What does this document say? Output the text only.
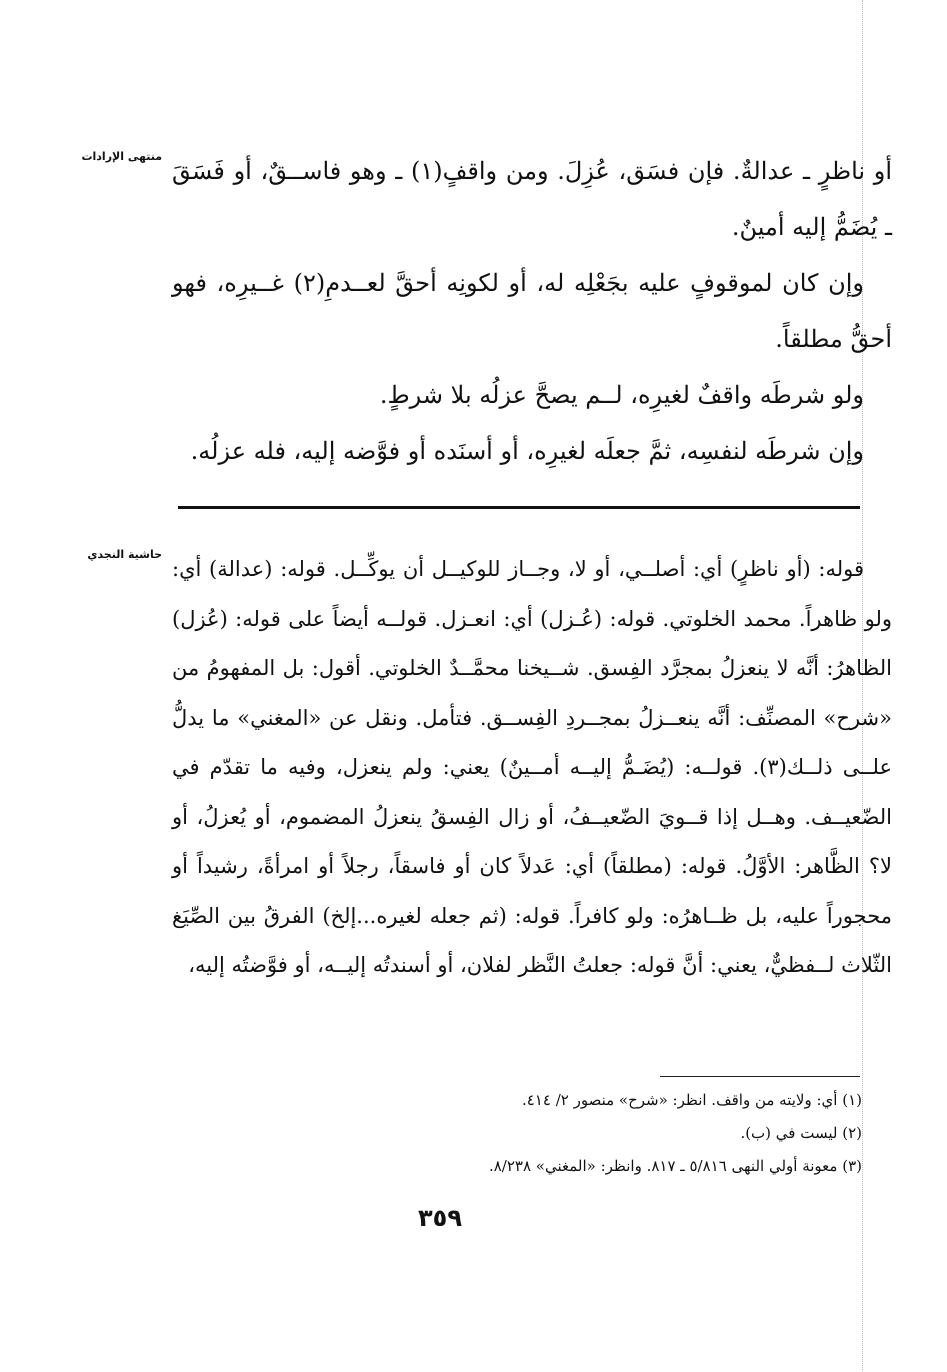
منتهى الإرادات

أو ناظرٍ ـ عدالةٌ. فإن فسَق، عُزِلَ. ومن واقفٍ(١) ـ وهو فاســقٌ، أو فَسَقَ ـ يُضَمُّ إليه أمينٌ.

وإن كان لموقوفٍ عليه بجَعْلِه له، أو لكونِه أحقَّ لعــدمِ(٢) غــيرِه، فهو أحقُّ مطلقاً.

ولو شرطَه واقفٌ لغيرِه، لــم يصحَّ عزلُه بلا شرطٍ.

وإن شرطَه لنفسِه، ثمَّ جعلَه لغيرِه، أو أسنَده أو فوَّضه إليه، فله عزلُه.

حاشية النجدي

قوله: (أو ناظرٍ) أي: أصلــي، أو لا، وجــاز للوكيــل أن يوكِّــل. قوله: (عدالة) أي: ولو ظاهراً. محمد الخلوتي. قوله: (عُـزل) أي: انعـزل. قولــه أيضاً على قوله: (عُزل) الظاهرُ: أنَّه لا ينعزلُ بمجرَّد الفِسق. شــيخنا محمَّــدٌ الخلوتي. أقول: بل المفهومُ من «شرح» المصنِّف: أنَّه ينعــزلُ بمجــردِ الفِســق. فتأمل. ونقل عن «المغني» ما يدلُّ علــى ذلــك(٣). قولــه: (يُضَـمُّ إليــه أمــينٌ) يعني: ولم ينعزل، وفيه ما تقدّم في الضّعيــف. وهــل إذا قــويَ الضّعيــفُ، أو زال الفِسقُ ينعزلُ المضموم، أو يُعزلُ، أو لا؟ الظَّاهر: الأوَّلُ. قوله: (مطلقاً) أي: عَدلاً كان أو فاسقاً، رجلاً أو امرأةً، رشيداً أو محجوراً عليه، بل ظــاهرُه: ولو كافراً. قوله: (ثم جعله لغيره...إلخ) الفرقُ بين الصِّيَغ الثّلاث لــفظيٌّ، يعني: أنَّ قوله: جعلتُ النَّظر لفلان، أو أسندتُه إليــه، أو فوَّضتُه إليه،

(١) أي: ولايته من واقف. انظر: «شرح» منصور ٢/ ٤١٤.
(٢) ليست في (ب).
(٣) معونة أولي النهى ٥/٨١٦ ـ ٨١٧. وانظر: «المغني» ٨/٢٣٨.
٣٥٩
